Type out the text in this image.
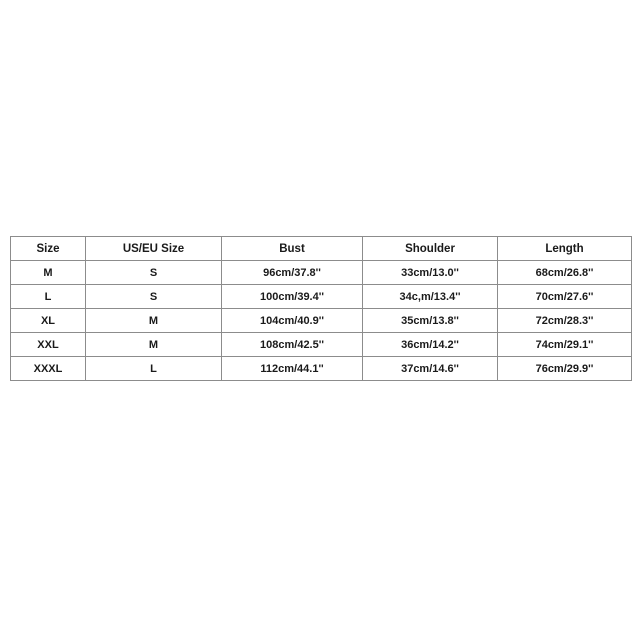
Size	US/EU Size	Bust	Shoulder	Length
M	S	96cm/37.8''	33cm/13.0''	68cm/26.8''
L	S	100cm/39.4''	34c,m/13.4''	70cm/27.6''
XL	M	104cm/40.9''	35cm/13.8''	72cm/28.3''
XXL	M	108cm/42.5''	36cm/14.2''	74cm/29.1''
XXXL	L	112cm/44.1''	37cm/14.6''	76cm/29.9''
